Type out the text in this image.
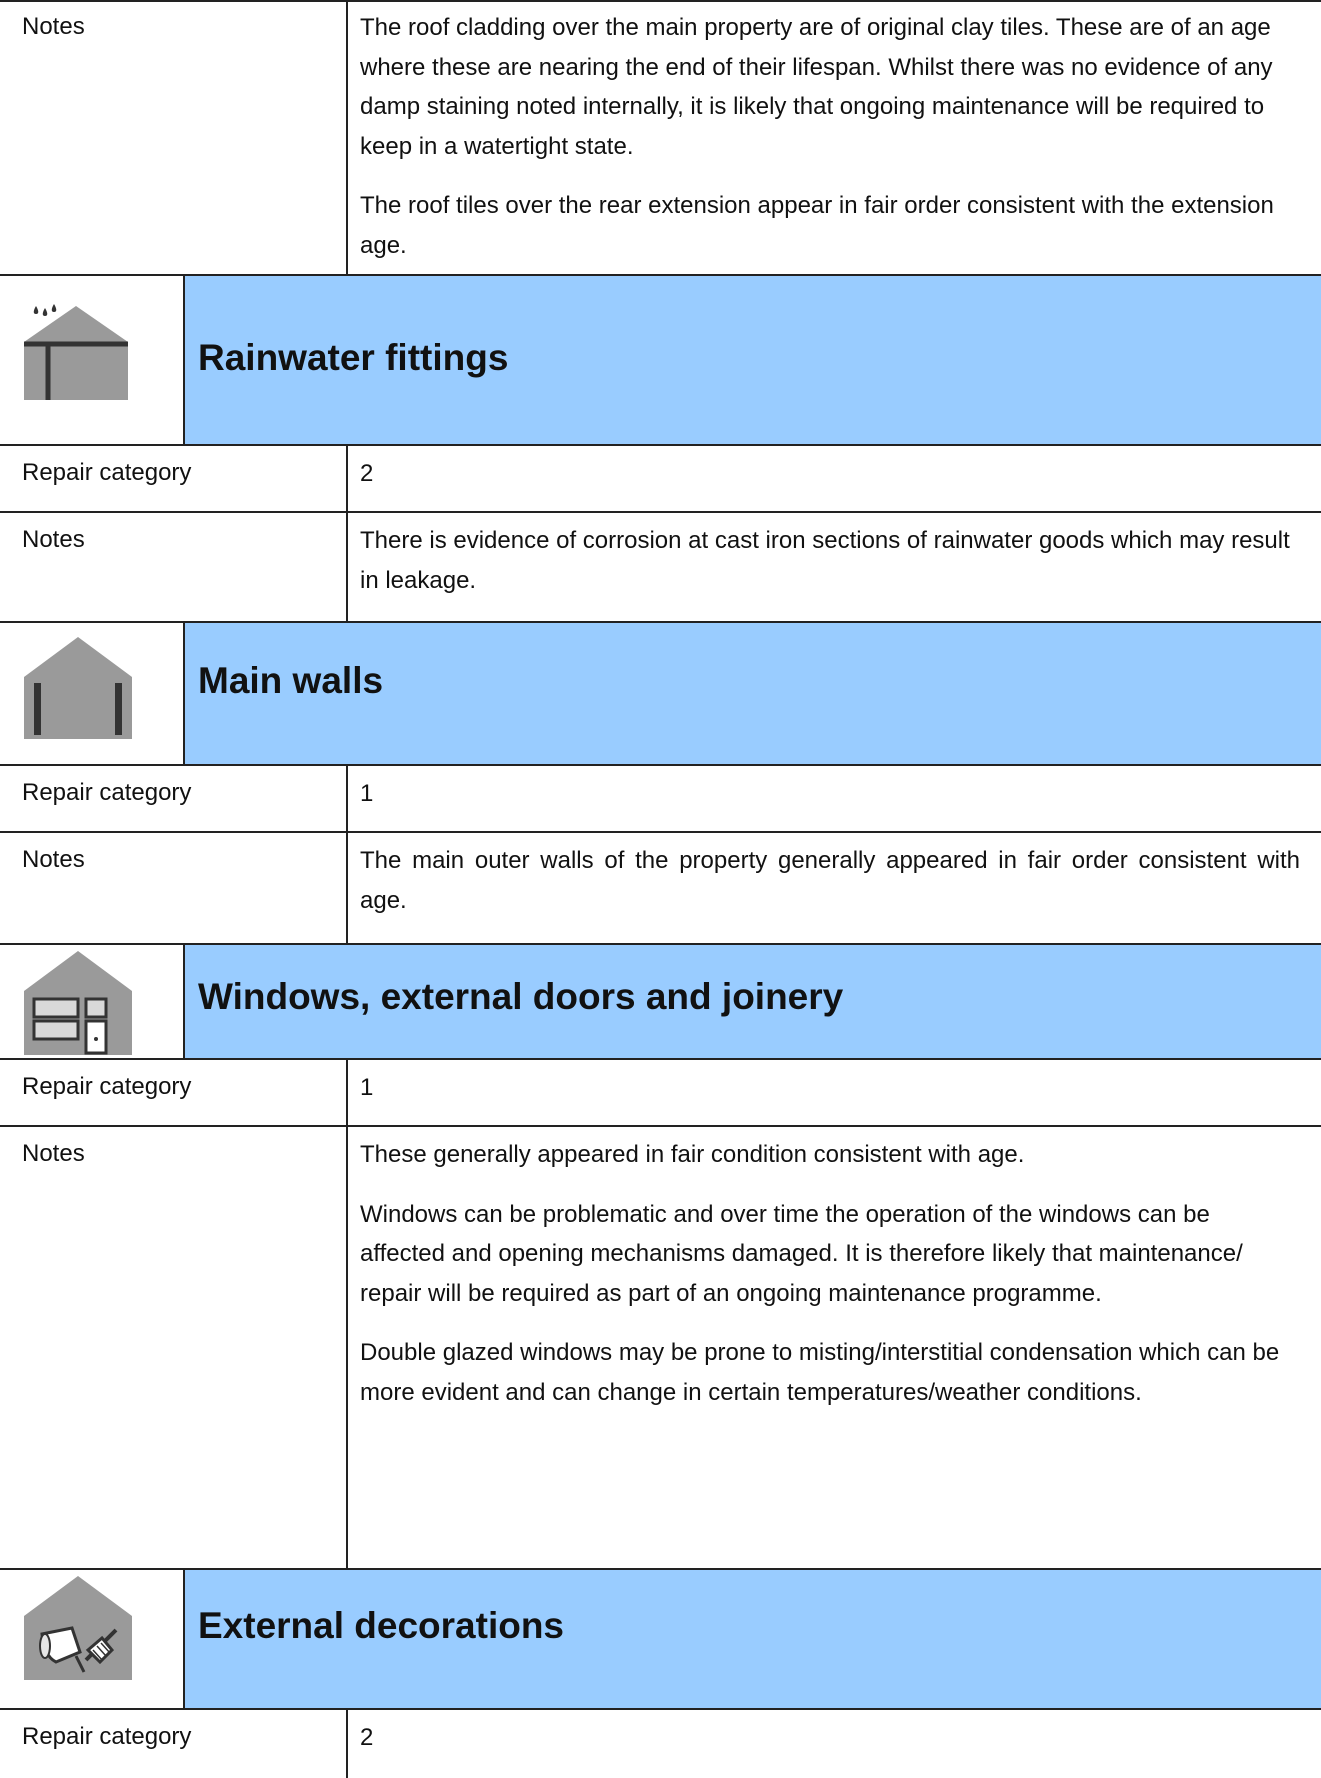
Notes	The roof cladding over the main property are of original clay tiles. These are of an age where these are nearing the end of their lifespan. Whilst there was no evidence of any damp staining noted internally, it is likely that ongoing maintenance will be required to keep in a watertight state.

The roof tiles over the rear extension appear in fair order consistent with the extension age.

Rainwater fittings
Repair category	2
Notes	There is evidence of corrosion at cast iron sections of rainwater goods which may result in leakage.

Main walls
Repair category	1
Notes	The main outer walls of the property generally appeared in fair order consistent with age.

Windows, external doors and joinery
Repair category	1
Notes	These generally appeared in fair condition consistent with age.

Windows can be problematic and over time the operation of the windows can be affected and opening mechanisms damaged. It is therefore likely that maintenance/ repair will be required as part of an ongoing maintenance programme.

Double glazed windows may be prone to misting/interstitial condensation which can be more evident and can change in certain temperatures/weather conditions.

External decorations
Repair category	2
